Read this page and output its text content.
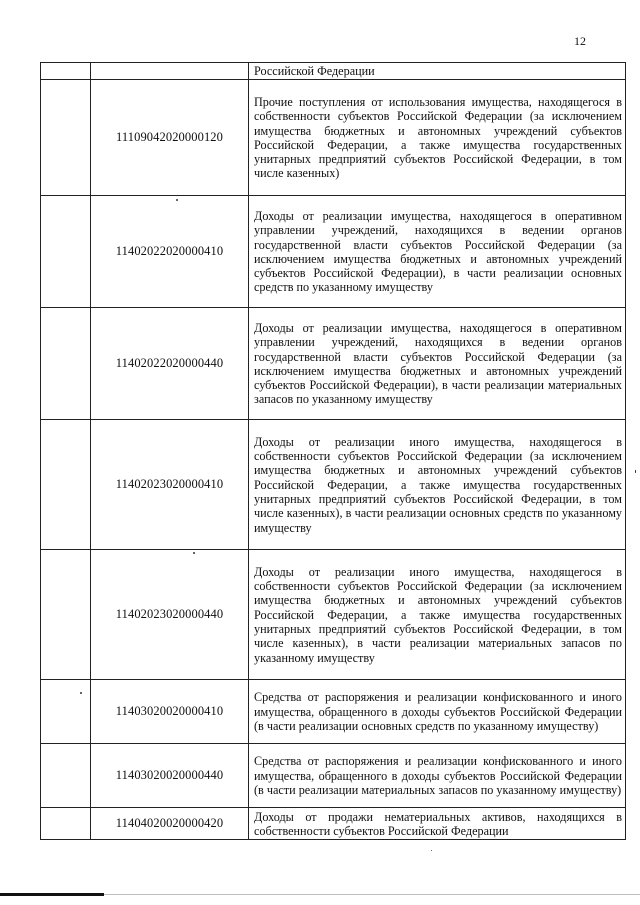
12
		Российской Федерации
	11109042020000120	Прочие поступления от использования имущества, находящегося в собственности субъектов Российской Федерации (за исключением имущества бюджетных и автономных учреждений субъектов Российской Федерации, а также имущества государственных унитарных предприятий субъектов Российской Федерации, в том числе казенных)
	11402022020000410	Доходы от реализации имущества, находящегося в оперативном управлении учреждений, находящихся в ведении органов государственной власти субъектов Российской Федерации (за исключением имущества бюджетных и автономных учреждений субъектов Российской Федерации), в части реализации основных средств по указанному имуществу
	11402022020000440	Доходы от реализации имущества, находящегося в оперативном управлении учреждений, находящихся в ведении органов государственной власти субъектов Российской Федерации (за исключением имущества бюджетных и автономных учреждений субъектов Российской Федерации), в части реализации материальных запасов по указанному имуществу
	11402023020000410	Доходы от реализации иного имущества, находящегося в собственности субъектов Российской Федерации (за исключением имущества бюджетных и автономных учреждений субъектов Российской Федерации, а также имущества государственных унитарных предприятий субъектов Российской Федерации, в том числе казенных), в части реализации основных средств по указанному имуществу
	11402023020000440	Доходы от реализации иного имущества, находящегося в собственности субъектов Российской Федерации (за исключением имущества бюджетных и автономных учреждений субъектов Российской Федерации, а также имущества государственных унитарных предприятий субъектов Российской Федерации, в том числе казенных), в части реализации материальных запасов по указанному имуществу
	11403020020000410	Средства от распоряжения и реализации конфискованного и иного имущества, обращенного в доходы субъектов Российской Федерации (в части реализации основных средств по указанному имуществу)
	11403020020000440	Средства от распоряжения и реализации конфискованного и иного имущества, обращенного в доходы субъектов Российской Федерации (в части реализации материальных запасов по указанному имуществу)
	11404020020000420	Доходы от продажи нематериальных активов, находящихся в собственности субъектов Российской Федерации
